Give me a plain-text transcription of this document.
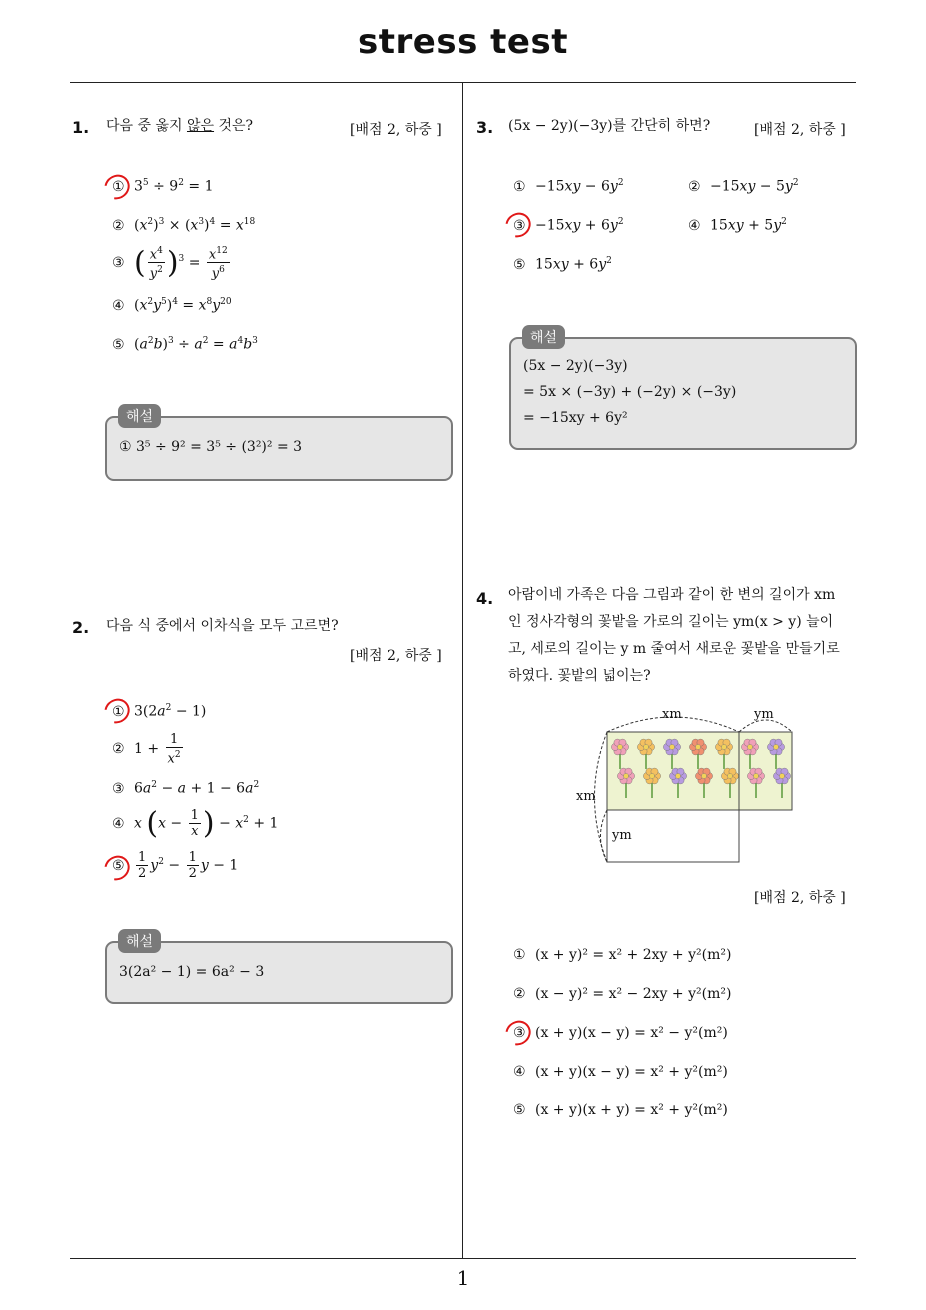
stress test
1
1. 다음 중 옳지 않은 것은?	[배점 2, 하중 ]
① $3^5 \div 9^2 = 1$
② $(x^2)^3 \times (x^3)^4 = x^{18}$
③ ( $\frac{x^4}{y^2} )^3 = \frac{x^{12}}{y^6}$
④ $(x^2y^5)^4 = x^8y^{20}$
⑤ $(a^2b)^3 \div a^2 = a^4b^3$
① 3⁵ ÷ 9² = 3⁵ ÷ (3²)² = 3
해설
2. 다음 식 중에서 이차식을 모두 고르면?
[배점 2, 하중 ]
① $3(2a^2 - 1)$
② $1 + \frac{1}{x^2}$
③ $6a^2 - a + 1 - 6a^2$
④ x ($x - \frac{1}{x}$ ) − $x^2 + 1$
⑤ $\frac{1}{2} y^2 - \frac{1}{2}$ y − 1
3(2a² − 1) = 6a² − 3
해설
3. (5x − 2y)(−3y)를 간단히 하면?	[배점 2, 하중 ]
① $-15xy - 6y^2$	② $-15xy - 5y^2$
③ $-15xy + 6y^2$	④ $15xy + 5y^2$
⑤ $15xy + 6y^2$
(5x − 2y)(−3y)
= 5x × (−3y) + (−2y) × (−3y)
= −15xy + 6y²
해설
4. 아람이네 가족은 다음 그림과 같이 한 변의 길이가 xm
인 정사각형의 꽃밭을 가로의 길이는 ym(x > y) 늘이
고, 세로의 길이는 y m 줄여서 새로운 꽃밭을 만들기로
하였다. 꽃밭의 넓이는?
xm	ym
xm
ym
[배점 2, 하중 ]
① (x + y)² = x² + 2xy + y²(m²)
② (x − y)² = x² − 2xy + y²(m²)
③ (x + y)(x − y) = x² − y²(m²)
④ (x + y)(x − y) = x² + y²(m²)
⑤ (x + y)(x + y) = x² + y²(m²)
